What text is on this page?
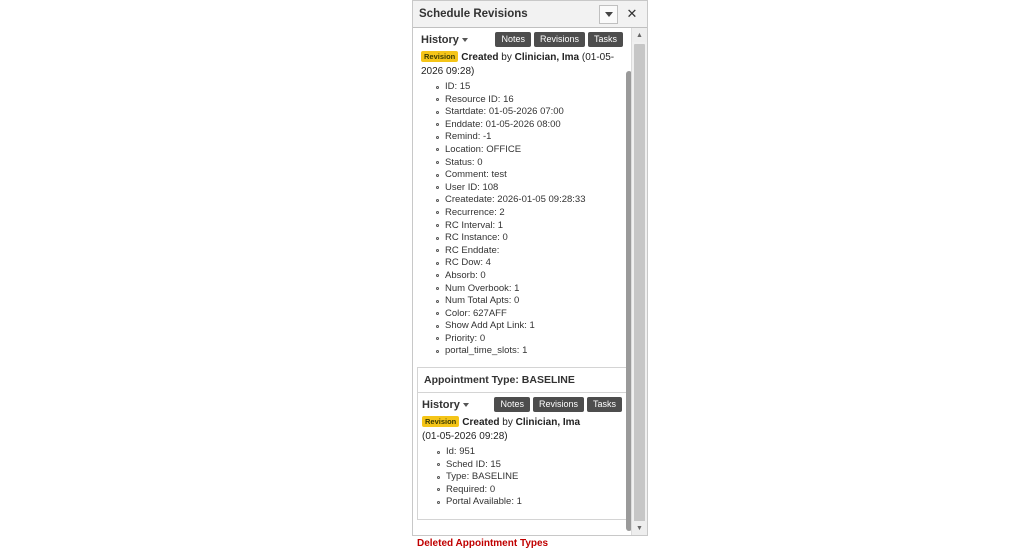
Schedule Revisions	✕
History	Notes	Revisions	Tasks
Revision Created by Clinician, Ima (01-05-2026 09:28)
ID: 15
Resource ID: 16
Startdate: 01-05-2026 07:00
Enddate: 01-05-2026 08:00
Remind: -1
Location: OFFICE
Status: 0
Comment: test
User ID: 108
Createdate: 2026-01-05 09:28:33
Recurrence: 2
RC Interval: 1
RC Instance: 0
RC Enddate:
RC Dow: 4
Absorb: 0
Num Overbook: 1
Num Total Apts: 0
Color: 627AFF
Show Add Apt Link: 1
Priority: 0
portal_time_slots: 1
Appointment Type: BASELINE
History	Notes	Revisions	Tasks
Revision Created by Clinician, Ima
(01-05-2026 09:28)
Id: 951
Sched ID: 15
Type: BASELINE
Required: 0
Portal Available: 1
Deleted Appointment Types
▲
▼
